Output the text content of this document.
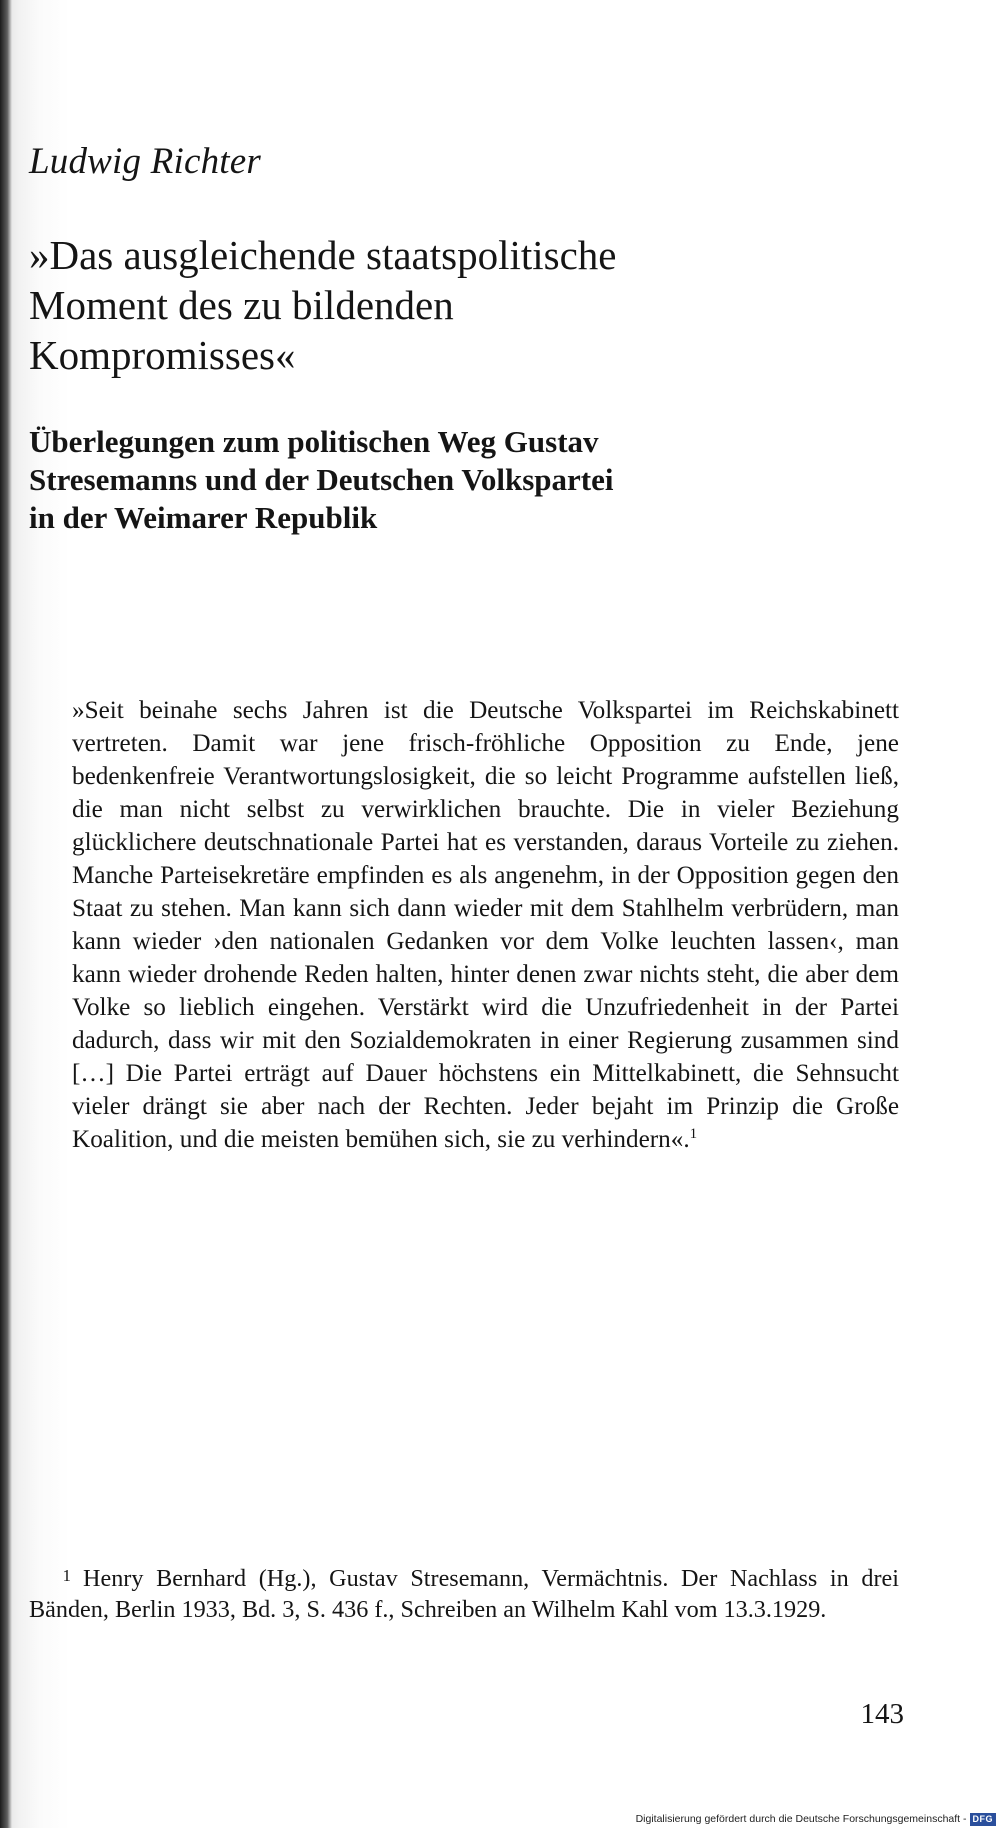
Ludwig Richter
»Das ausgleichende staatspolitische
Moment des zu bildenden
Kompromisses«
Überlegungen zum politischen Weg Gustav
Stresemanns und der Deutschen Volkspartei
in der Weimarer Republik
»Seit beinahe sechs Jahren ist die Deutsche Volkspartei im Reichskabinett vertreten. Damit war jene frisch-fröhliche Opposition zu Ende, jene bedenkenfreie Verantwortungslosigkeit, die so leicht Programme aufstellen ließ, die man nicht selbst zu verwirklichen brauchte. Die in vieler Beziehung glücklichere deutschnationale Partei hat es verstanden, daraus Vorteile zu ziehen. Manche Parteisekretäre empfinden es als angenehm, in der Opposition gegen den Staat zu stehen. Man kann sich dann wieder mit dem Stahlhelm verbrüdern, man kann wieder ›den nationalen Gedanken vor dem Volke leuchten lassen‹, man kann wieder drohende Reden halten, hinter denen zwar nichts steht, die aber dem Volke so lieblich eingehen. Verstärkt wird die Unzufriedenheit in der Partei dadurch, dass wir mit den Sozialdemokraten in einer Regierung zusammen sind […] Die Partei erträgt auf Dauer höchstens ein Mittelkabinett, die Sehnsucht vieler drängt sie aber nach der Rechten. Jeder bejaht im Prinzip die Große Koalition, und die meisten bemühen sich, sie zu verhindern«.$^1$
1 Henry Bernhard (Hg.), Gustav Stresemann, Vermächtnis. Der Nachlass in drei Bänden, Berlin 1933, Bd. 3, S. 436 f., Schreiben an Wilhelm Kahl vom 13.3.1929.
143
Digitalisierung gefördert durch die Deutsche Forschungsgemeinschaft - DFG
